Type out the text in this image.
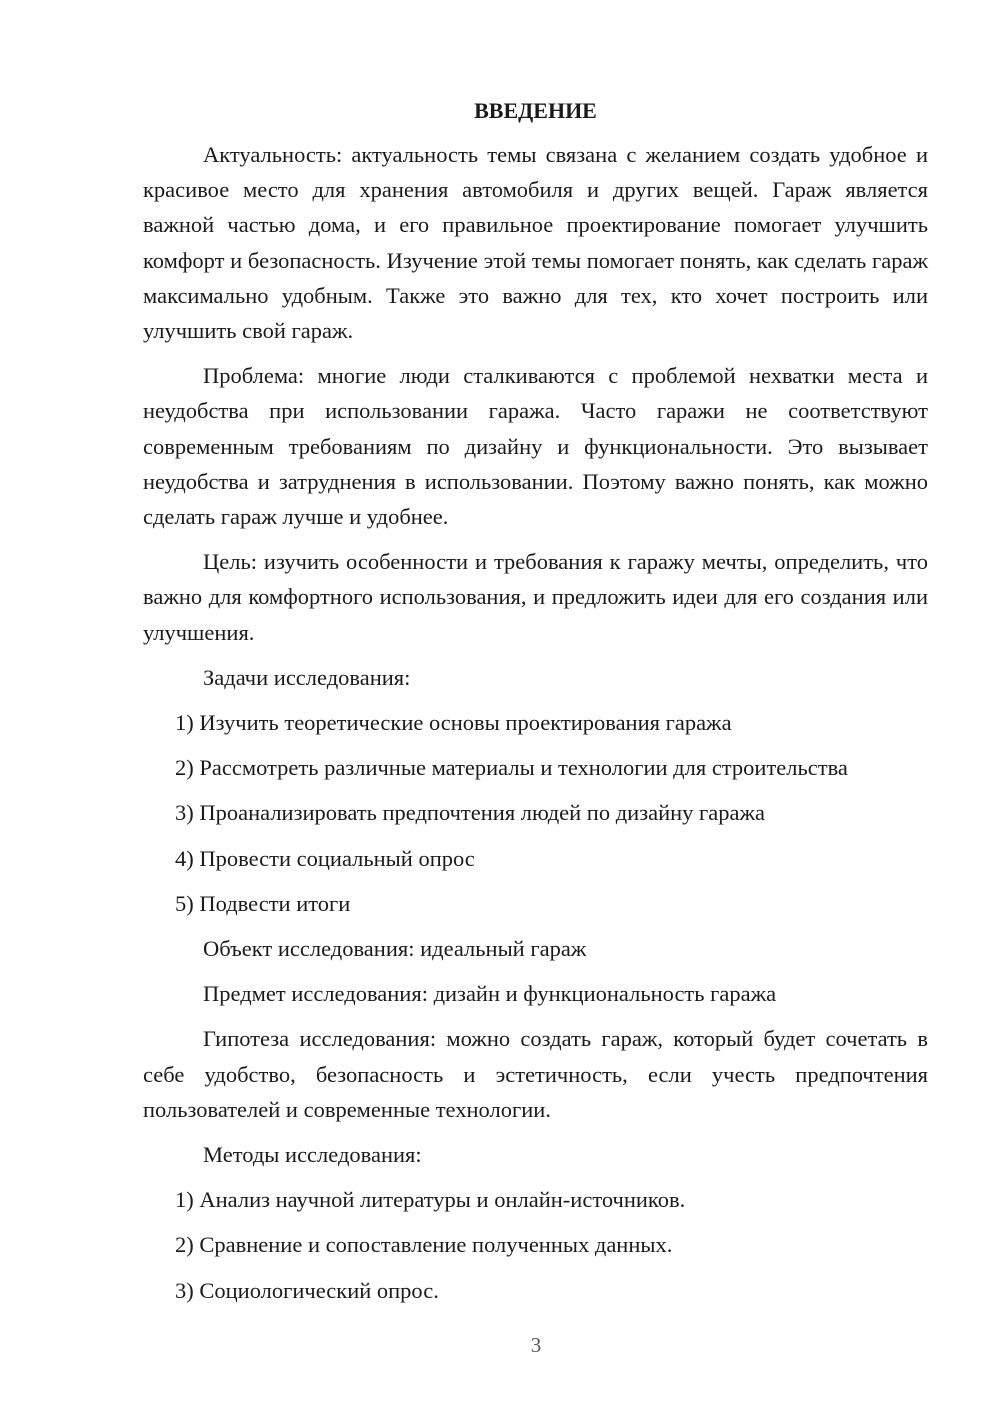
ВВЕДЕНИЕ
Актуальность: актуальность темы связана с желанием создать удобное и красивое место для хранения автомобиля и других вещей. Гараж является важной частью дома, и его правильное проектирование помогает улучшить комфорт и безопасность. Изучение этой темы помогает понять, как сделать гараж максимально удобным. Также это важно для тех, кто хочет построить или улучшить свой гараж.
Проблема: многие люди сталкиваются с проблемой нехватки места и неудобства при использовании гаража. Часто гаражи не соответствуют современным требованиям по дизайну и функциональности. Это вызывает неудобства и затруднения в использовании. Поэтому важно понять, как можно сделать гараж лучше и удобнее.
Цель: изучить особенности и требования к гаражу мечты, определить, что важно для комфортного использования, и предложить идеи для его создания или улучшения.
Задачи исследования:
1) Изучить теоретические основы проектирования гаража
2) Рассмотреть различные материалы и технологии для строительства
3) Проанализировать предпочтения людей по дизайну гаража
4) Провести социальный опрос
5) Подвести итоги
Объект исследования: идеальный гараж
Предмет исследования: дизайн и функциональность гаража
Гипотеза исследования: можно создать гараж, который будет сочетать в себе удобство, безопасность и эстетичность, если учесть предпочтения пользователей и современные технологии.
Методы исследования:
1) Анализ научной литературы и онлайн-источников.
2) Сравнение и сопоставление полученных данных.
3) Социологический опрос.
3
